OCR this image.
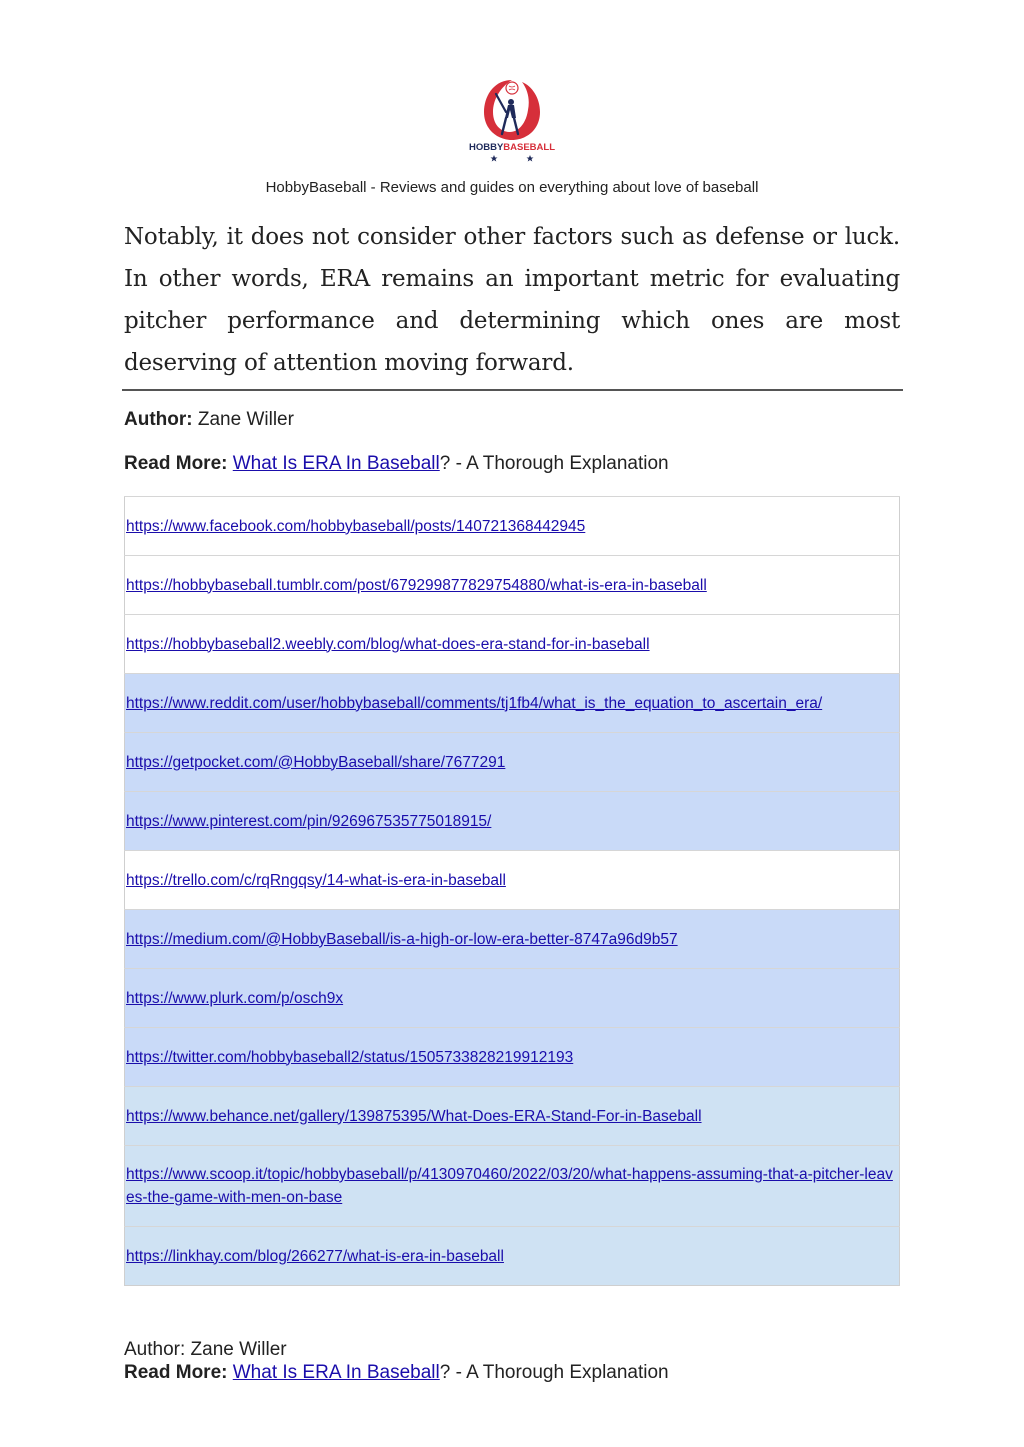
HOBBYBASEBALL
HobbyBaseball - Reviews and guides on everything about love of baseball

Notably, it does not consider other factors such as defense or luck. In other words, ERA remains an important metric for evaluating pitcher performance and determining which ones are most deserving of attention moving forward.

Author: Zane Willer
Read More: What Is ERA In Baseball? - A Thorough Explanation
https://www.facebook.com/hobbybaseball/posts/140721368442945
https://hobbybaseball.tumblr.com/post/679299877829754880/what-is-era-in-baseball
https://hobbybaseball2.weebly.com/blog/what-does-era-stand-for-in-baseball
https://www.reddit.com/user/hobbybaseball/comments/tj1fb4/what_is_the_equation_to_ascertain_era/
https://getpocket.com/@HobbyBaseball/share/7677291
https://www.pinterest.com/pin/926967535775018915/
https://trello.com/c/rqRngqsy/14-what-is-era-in-baseball
https://medium.com/@HobbyBaseball/is-a-high-or-low-era-better-8747a96d9b57
https://www.plurk.com/p/osch9x
https://twitter.com/hobbybaseball2/status/1505733828219912193
https://www.behance.net/gallery/139875395/What-Does-ERA-Stand-For-in-Baseball
https://www.scoop.it/topic/hobbybaseball/p/4130970460/2022/03/20/what-happens-assuming-that-a-pitcher-leaves-the-game-with-men-on-base
https://linkhay.com/blog/266277/what-is-era-in-baseball
Author: Zane Willer
Read More: What Is ERA In Baseball? - A Thorough Explanation
